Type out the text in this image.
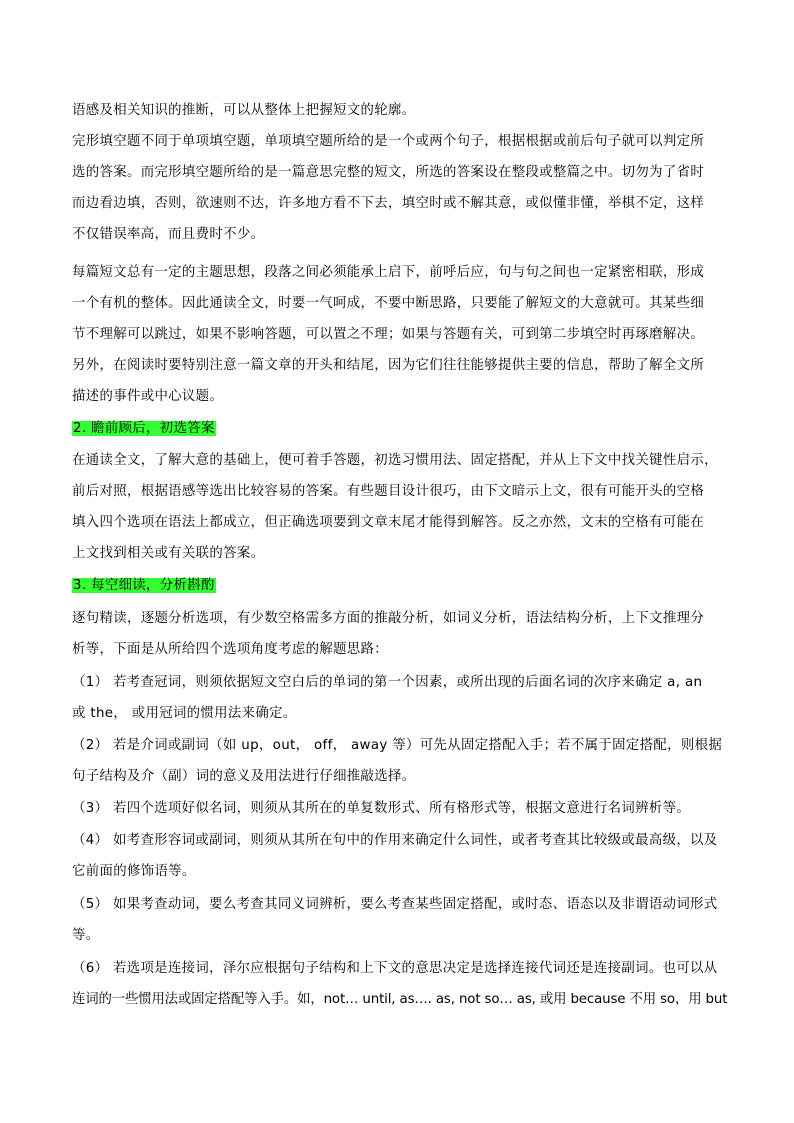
语感及相关知识的推断，可以从整体上把握短文的轮廓。
完形填空题不同于单项填空题，单项填空题所给的是一个或两个句子，根据根据或前后句子就可以判定所
选的答案。而完形填空题所给的是一篇意思完整的短文，所选的答案设在整段或整篇之中。切勿为了省时
而边看边填，否则，欲速则不达，许多地方看不下去，填空时或不解其意，或似懂非懂，举棋不定，这样
不仅错误率高，而且费时不少。
每篇短文总有一定的主题思想，段落之间必须能承上启下，前呼后应，句与句之间也一定紧密相联，形成
一个有机的整体。因此通读全文，时要一气呵成，不要中断思路，只要能了解短文的大意就可。其某些细
节不理解可以跳过，如果不影响答题，可以置之不理；如果与答题有关，可到第二步填空时再琢磨解决。
另外，在阅读时要特别注意一篇文章的开头和结尾，因为它们往往能够提供主要的信息，帮助了解全文所
描述的事件或中心议题。
2. 瞻前顾后，初选答案
在通读全文，了解大意的基础上，便可着手答题，初选习惯用法、固定搭配，并从上下文中找关键性启示，
前后对照，根据语感等选出比较容易的答案。有些题目设计很巧，由下文暗示上文，很有可能开头的空格
填入四个选项在语法上都成立，但正确选项要到文章末尾才能得到解答。反之亦然，文末的空格有可能在
上文找到相关或有关联的答案。
3. 每空细读，分析斟酌
逐句精读，逐题分析选项，有少数空格需多方面的推敲分析，如词义分析，语法结构分析，上下文推理分
析等，下面是从所给四个选项角度考虑的解题思路：
（1） 若考查冠词，则须依据短文空白后的单词的第一个因素，或所出现的后面名词的次序来确定 a, an
或 the， 或用冠词的惯用法来确定。
（2） 若是介词或副词（如 up，out， off， away 等）可先从固定搭配入手；若不属于固定搭配，则根据
句子结构及介（副）词的意义及用法进行仔细推敲选择。
（3） 若四个选项好似名词，则须从其所在的单复数形式、所有格形式等，根据文意进行名词辨析等。
（4） 如考查形容词或副词，则须从其所在句中的作用来确定什么词性，或者考查其比较级或最高级，以及
它前面的修饰语等。
（5） 如果考查动词，要么考查其同义词辨析，要么考查某些固定搭配，或时态、语态以及非谓语动词形式
等。
（6） 若选项是连接词，泽尔应根据句子结构和上下文的意思决定是选择连接代词还是连接副词。也可以从
连词的一些惯用法或固定搭配等入手。如，not… until, as…. as, not so… as, 或用 because 不用 so，用 but
